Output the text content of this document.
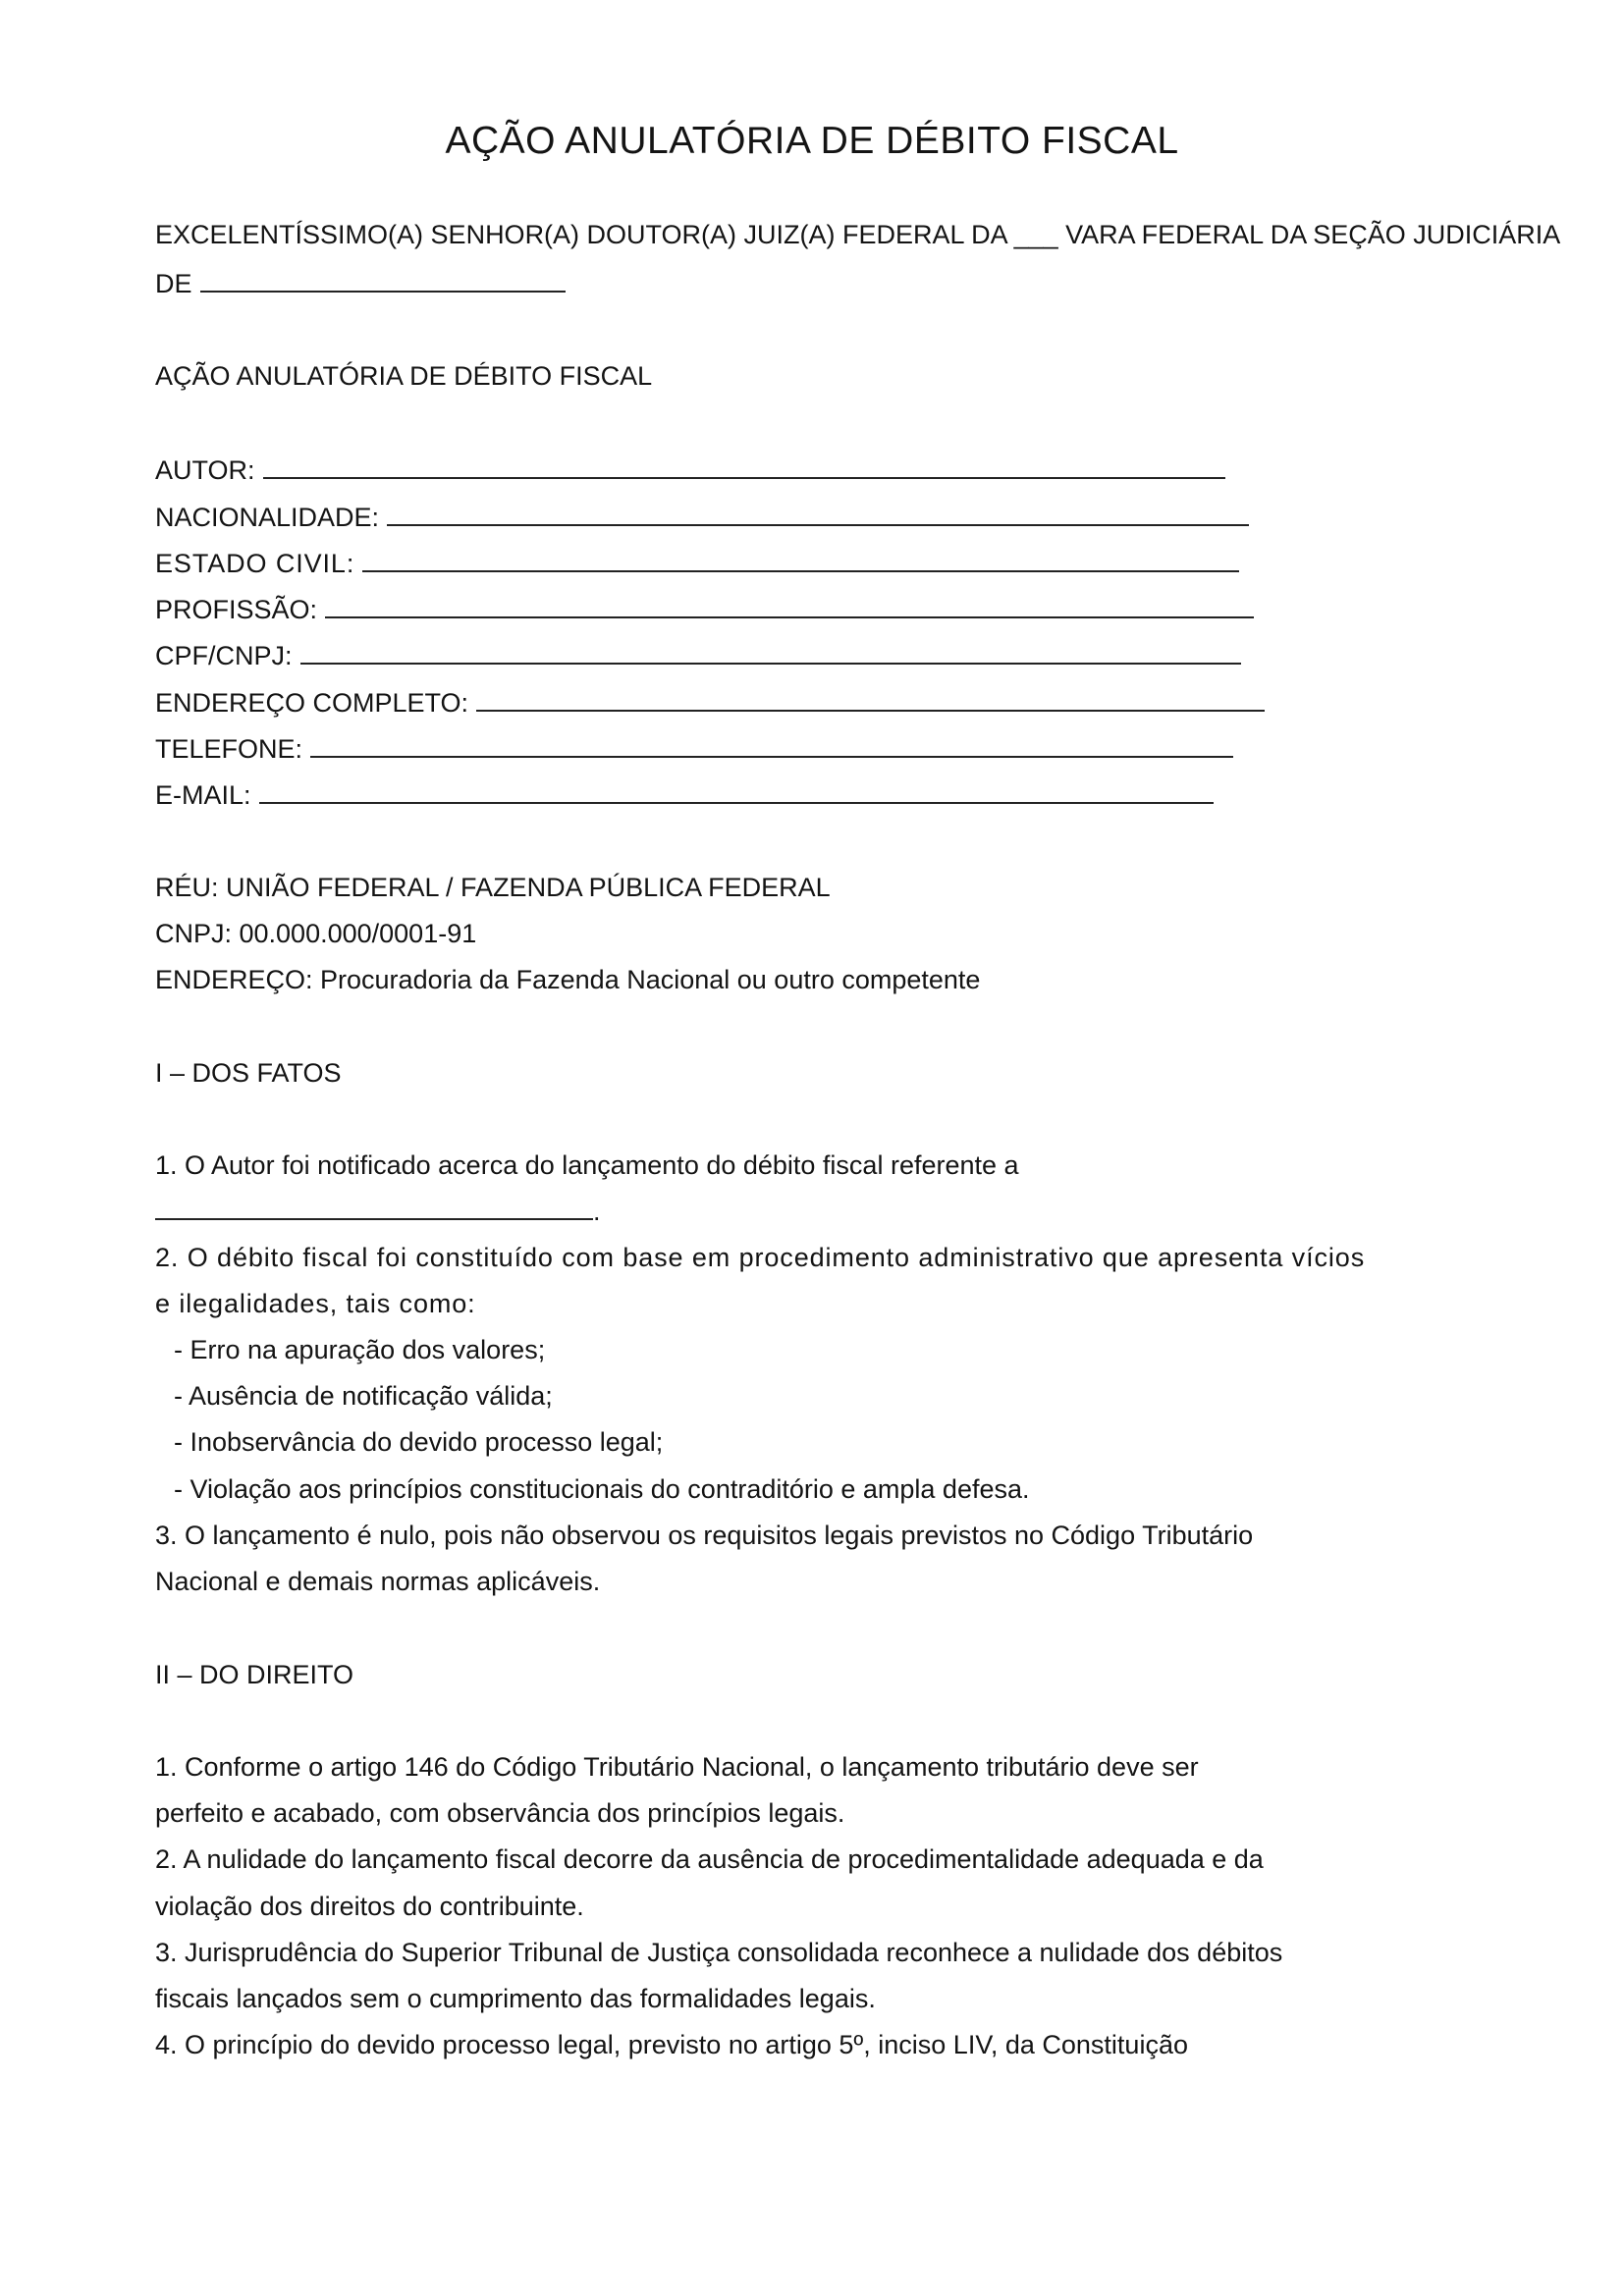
AÇÃO ANULATÓRIA DE DÉBITO FISCAL

EXCELENTÍSSIMO(A) SENHOR(A) DOUTOR(A) JUIZ(A) FEDERAL DA ___ VARA FEDERAL DA SEÇÃO JUDICIÁRIA

DE

AÇÃO ANULATÓRIA DE DÉBITO FISCAL

AUTOR:

NACIONALIDADE:

ESTADO CIVIL:

PROFISSÃO:

CPF/CNPJ:

ENDEREÇO COMPLETO:

TELEFONE:

E-MAIL:

RÉU: UNIÃO FEDERAL / FAZENDA PÚBLICA FEDERAL

CNPJ: 00.000.000/0001-91

ENDEREÇO: Procuradoria da Fazenda Nacional ou outro competente

I – DOS FATOS

1. O Autor foi notificado acerca do lançamento do débito fiscal referente a

.

2. O débito fiscal foi constituído com base em procedimento administrativo que apresenta vícios

e ilegalidades, tais como:

- Erro na apuração dos valores;

- Ausência de notificação válida;

- Inobservância do devido processo legal;

- Violação aos princípios constitucionais do contraditório e ampla defesa.

3. O lançamento é nulo, pois não observou os requisitos legais previstos no Código Tributário

Nacional e demais normas aplicáveis.

II – DO DIREITO

1. Conforme o artigo 146 do Código Tributário Nacional, o lançamento tributário deve ser

perfeito e acabado, com observância dos princípios legais.

2. A nulidade do lançamento fiscal decorre da ausência de procedimentalidade adequada e da

violação dos direitos do contribuinte.

3. Jurisprudência do Superior Tribunal de Justiça consolidada reconhece a nulidade dos débitos

fiscais lançados sem o cumprimento das formalidades legais.

4. O princípio do devido processo legal, previsto no artigo 5º, inciso LIV, da Constituição
